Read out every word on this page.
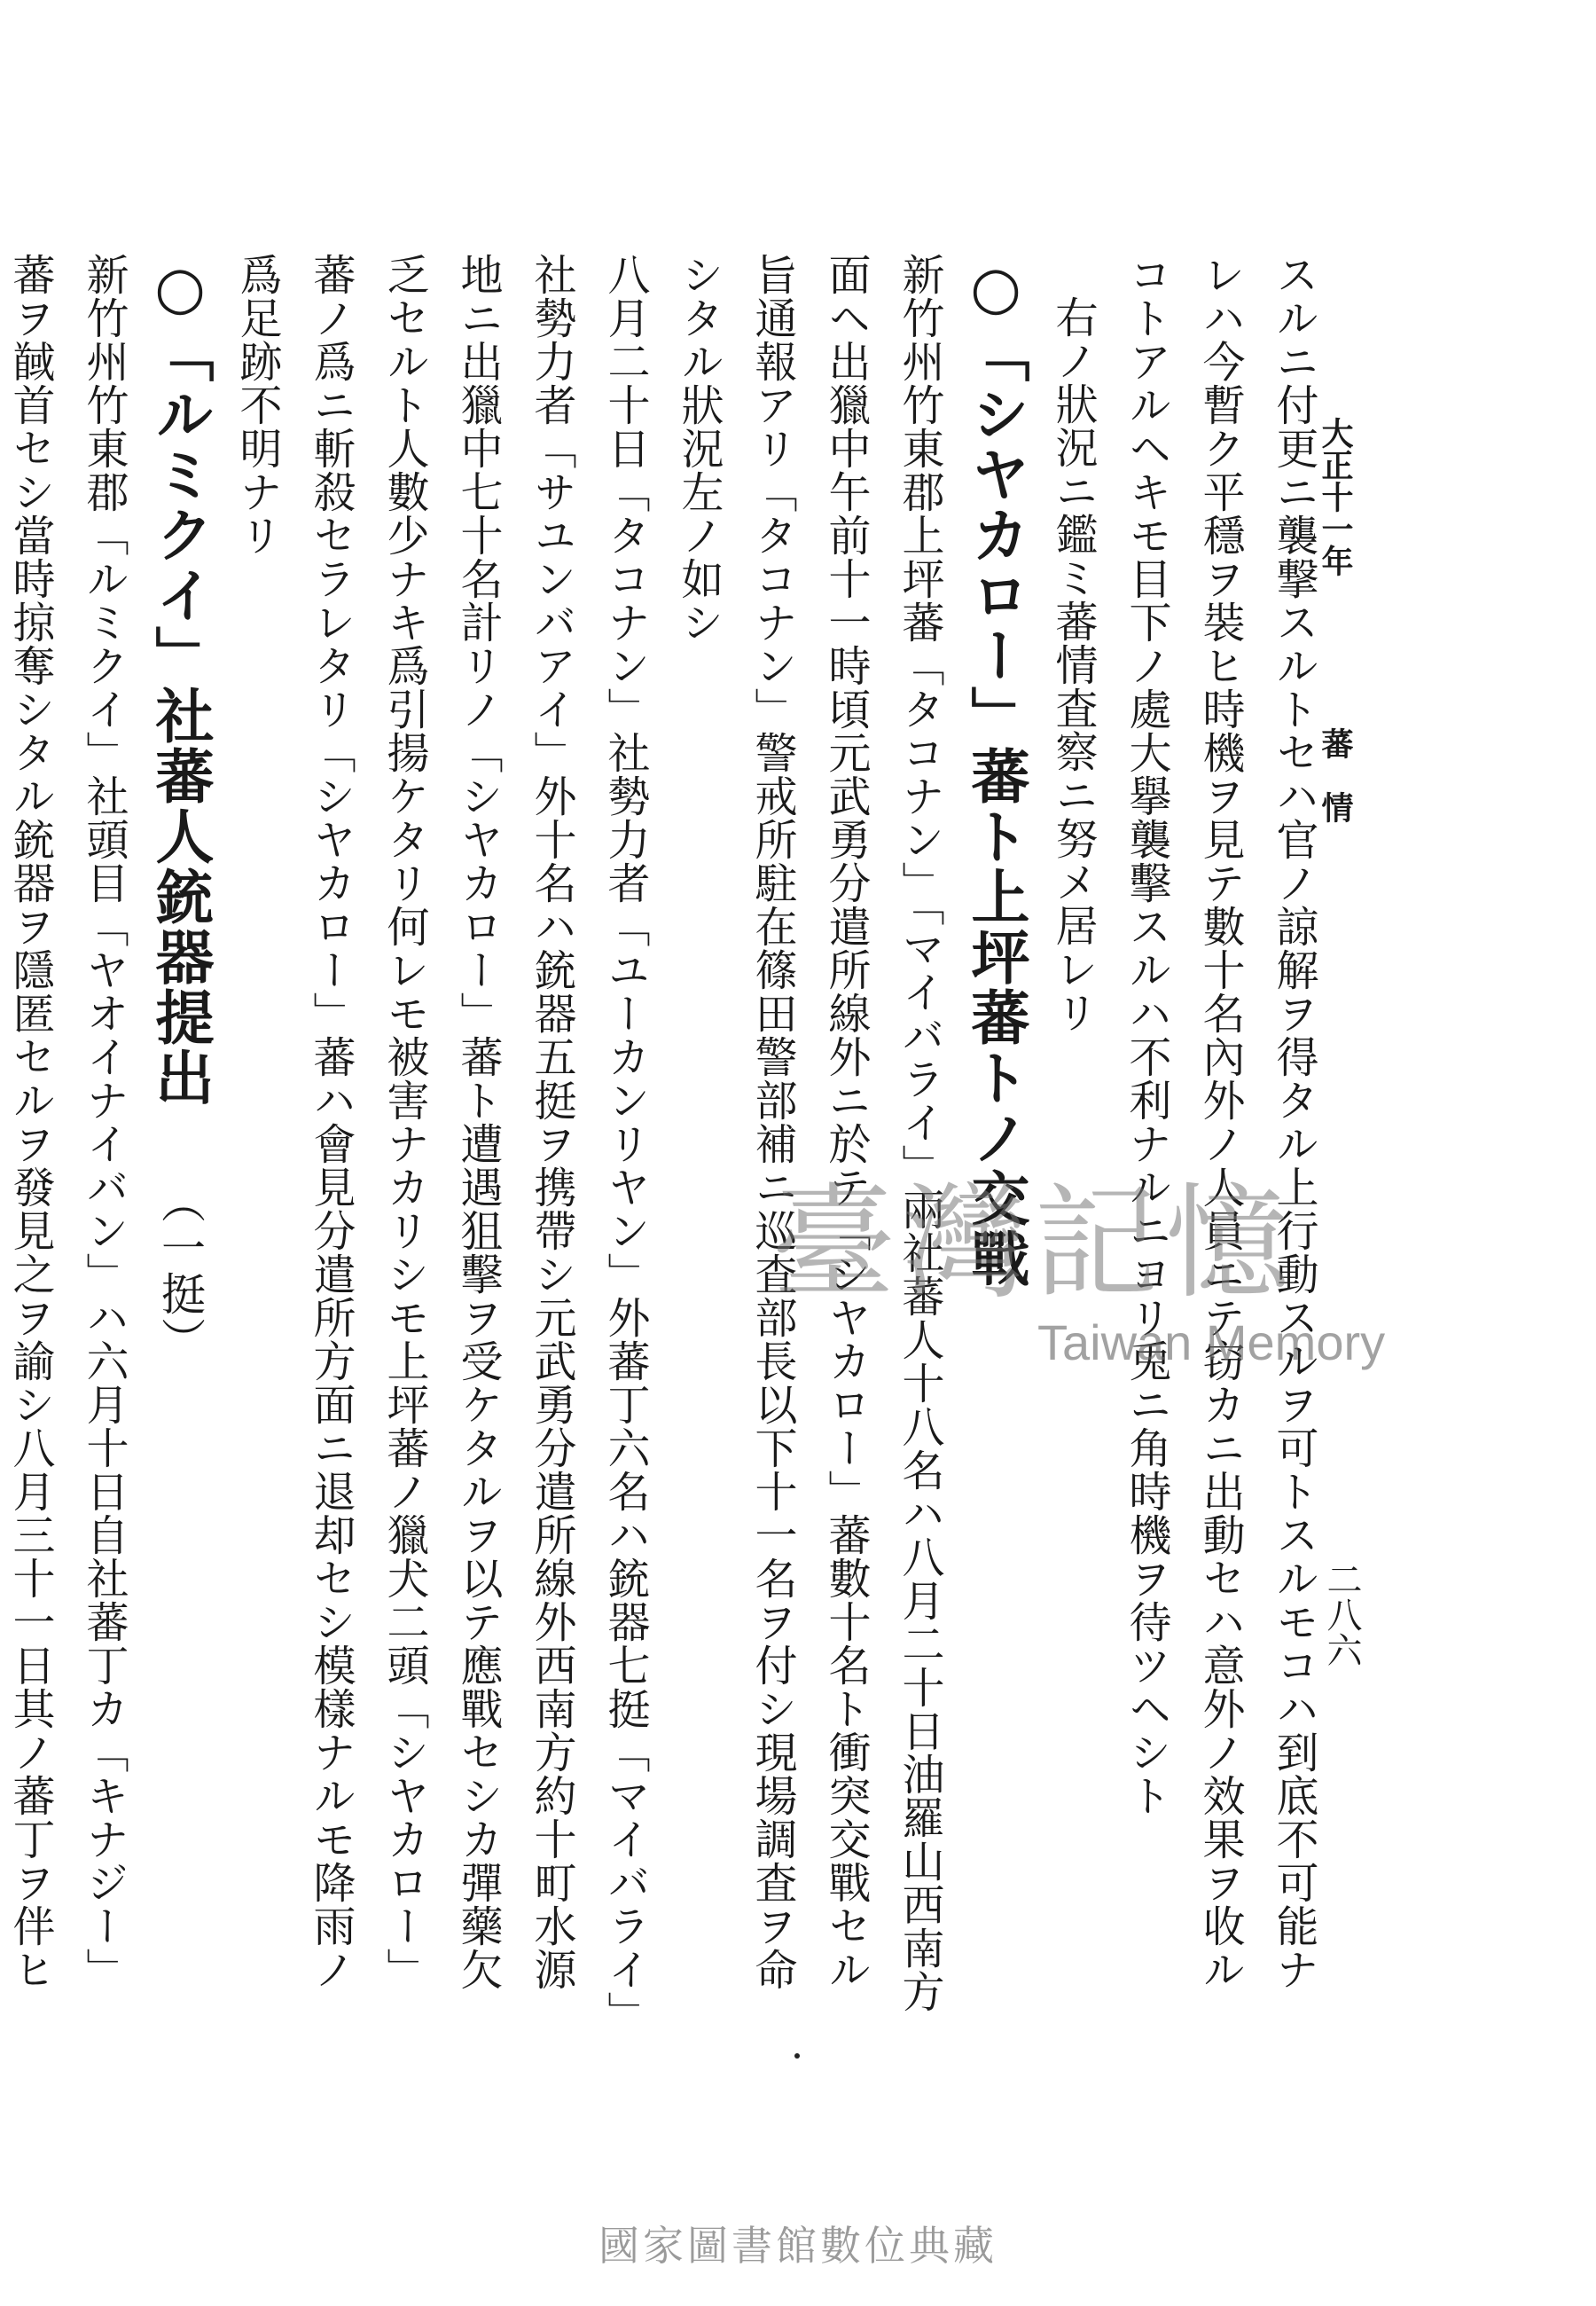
大正十一年
蕃　情
二八六

スルニ付更ニ襲撃スルトセハ官ノ諒解ヲ得タル上行動スルヲ可トスルモコハ到底不可能ナレハ今暫ク平穩ヲ裝ヒ時機ヲ見テ數十名內外ノ人員ニテ窃カニ出動セハ意外ノ效果ヲ收ルコトアルヘキモ目下ノ處大擧襲擊スルハ不利ナルニヨリ兎ニ角時機ヲ待ツヘシト

右ノ狀況ニ鑑ミ蕃情査察ニ努メ居レリ

○「シヤカロー」蕃ト上坪蕃トノ交戰

新竹州竹東郡上坪蕃「タコナン」「マイバライ」兩社蕃人十八名ハ八月二十日油羅山西南方面ヘ出獵中午前十一時頃元武勇分遣所線外ニ於テ「シヤカロー」蕃數十名ト衝突交戰セル旨通報アリ「タコナン」警戒所駐在篠田警部補ニ巡査部長以下十一名ヲ付シ現場調査ヲ命シタル狀況左ノ如シ

八月二十日「タコナン」社勢力者「ユーカンリヤン」外蕃丁六名ハ銃器七挺「マイバライ」社勢力者「サユンバアイ」外十名ハ銃器五挺ヲ携帶シ元武勇分遣所線外西南方約十町水源地ニ出獵中七十名計リノ「シヤカロー」蕃ト遭遇狙擊ヲ受ケタルヲ以テ應戰セシカ彈藥欠乏セルト人數少ナキ爲引揚ケタリ何レモ被害ナカリシモ上坪蕃ノ獵犬二頭「シヤカロー」蕃ノ爲ニ斬殺セラレタリ「シヤカロー」蕃ハ會見分遣所方面ニ退却セシ模樣ナルモ降雨ノ爲足跡不明ナリ

○「ルミクイ」社蕃人銃器提出（一挺）

新竹州竹東郡「ルミクイ」社頭目「ヤオイナイバン」ハ六月十日自社蕃丁カ「キナジー」蕃ヲ馘首セシ當時掠奪シタル銃器ヲ隱匿セルヲ發見之ヲ諭シ八月三十一日其ノ蕃丁ヲ伴ヒ

臺灣記憶
Taiwan Memory
國家圖書館數位典藏
